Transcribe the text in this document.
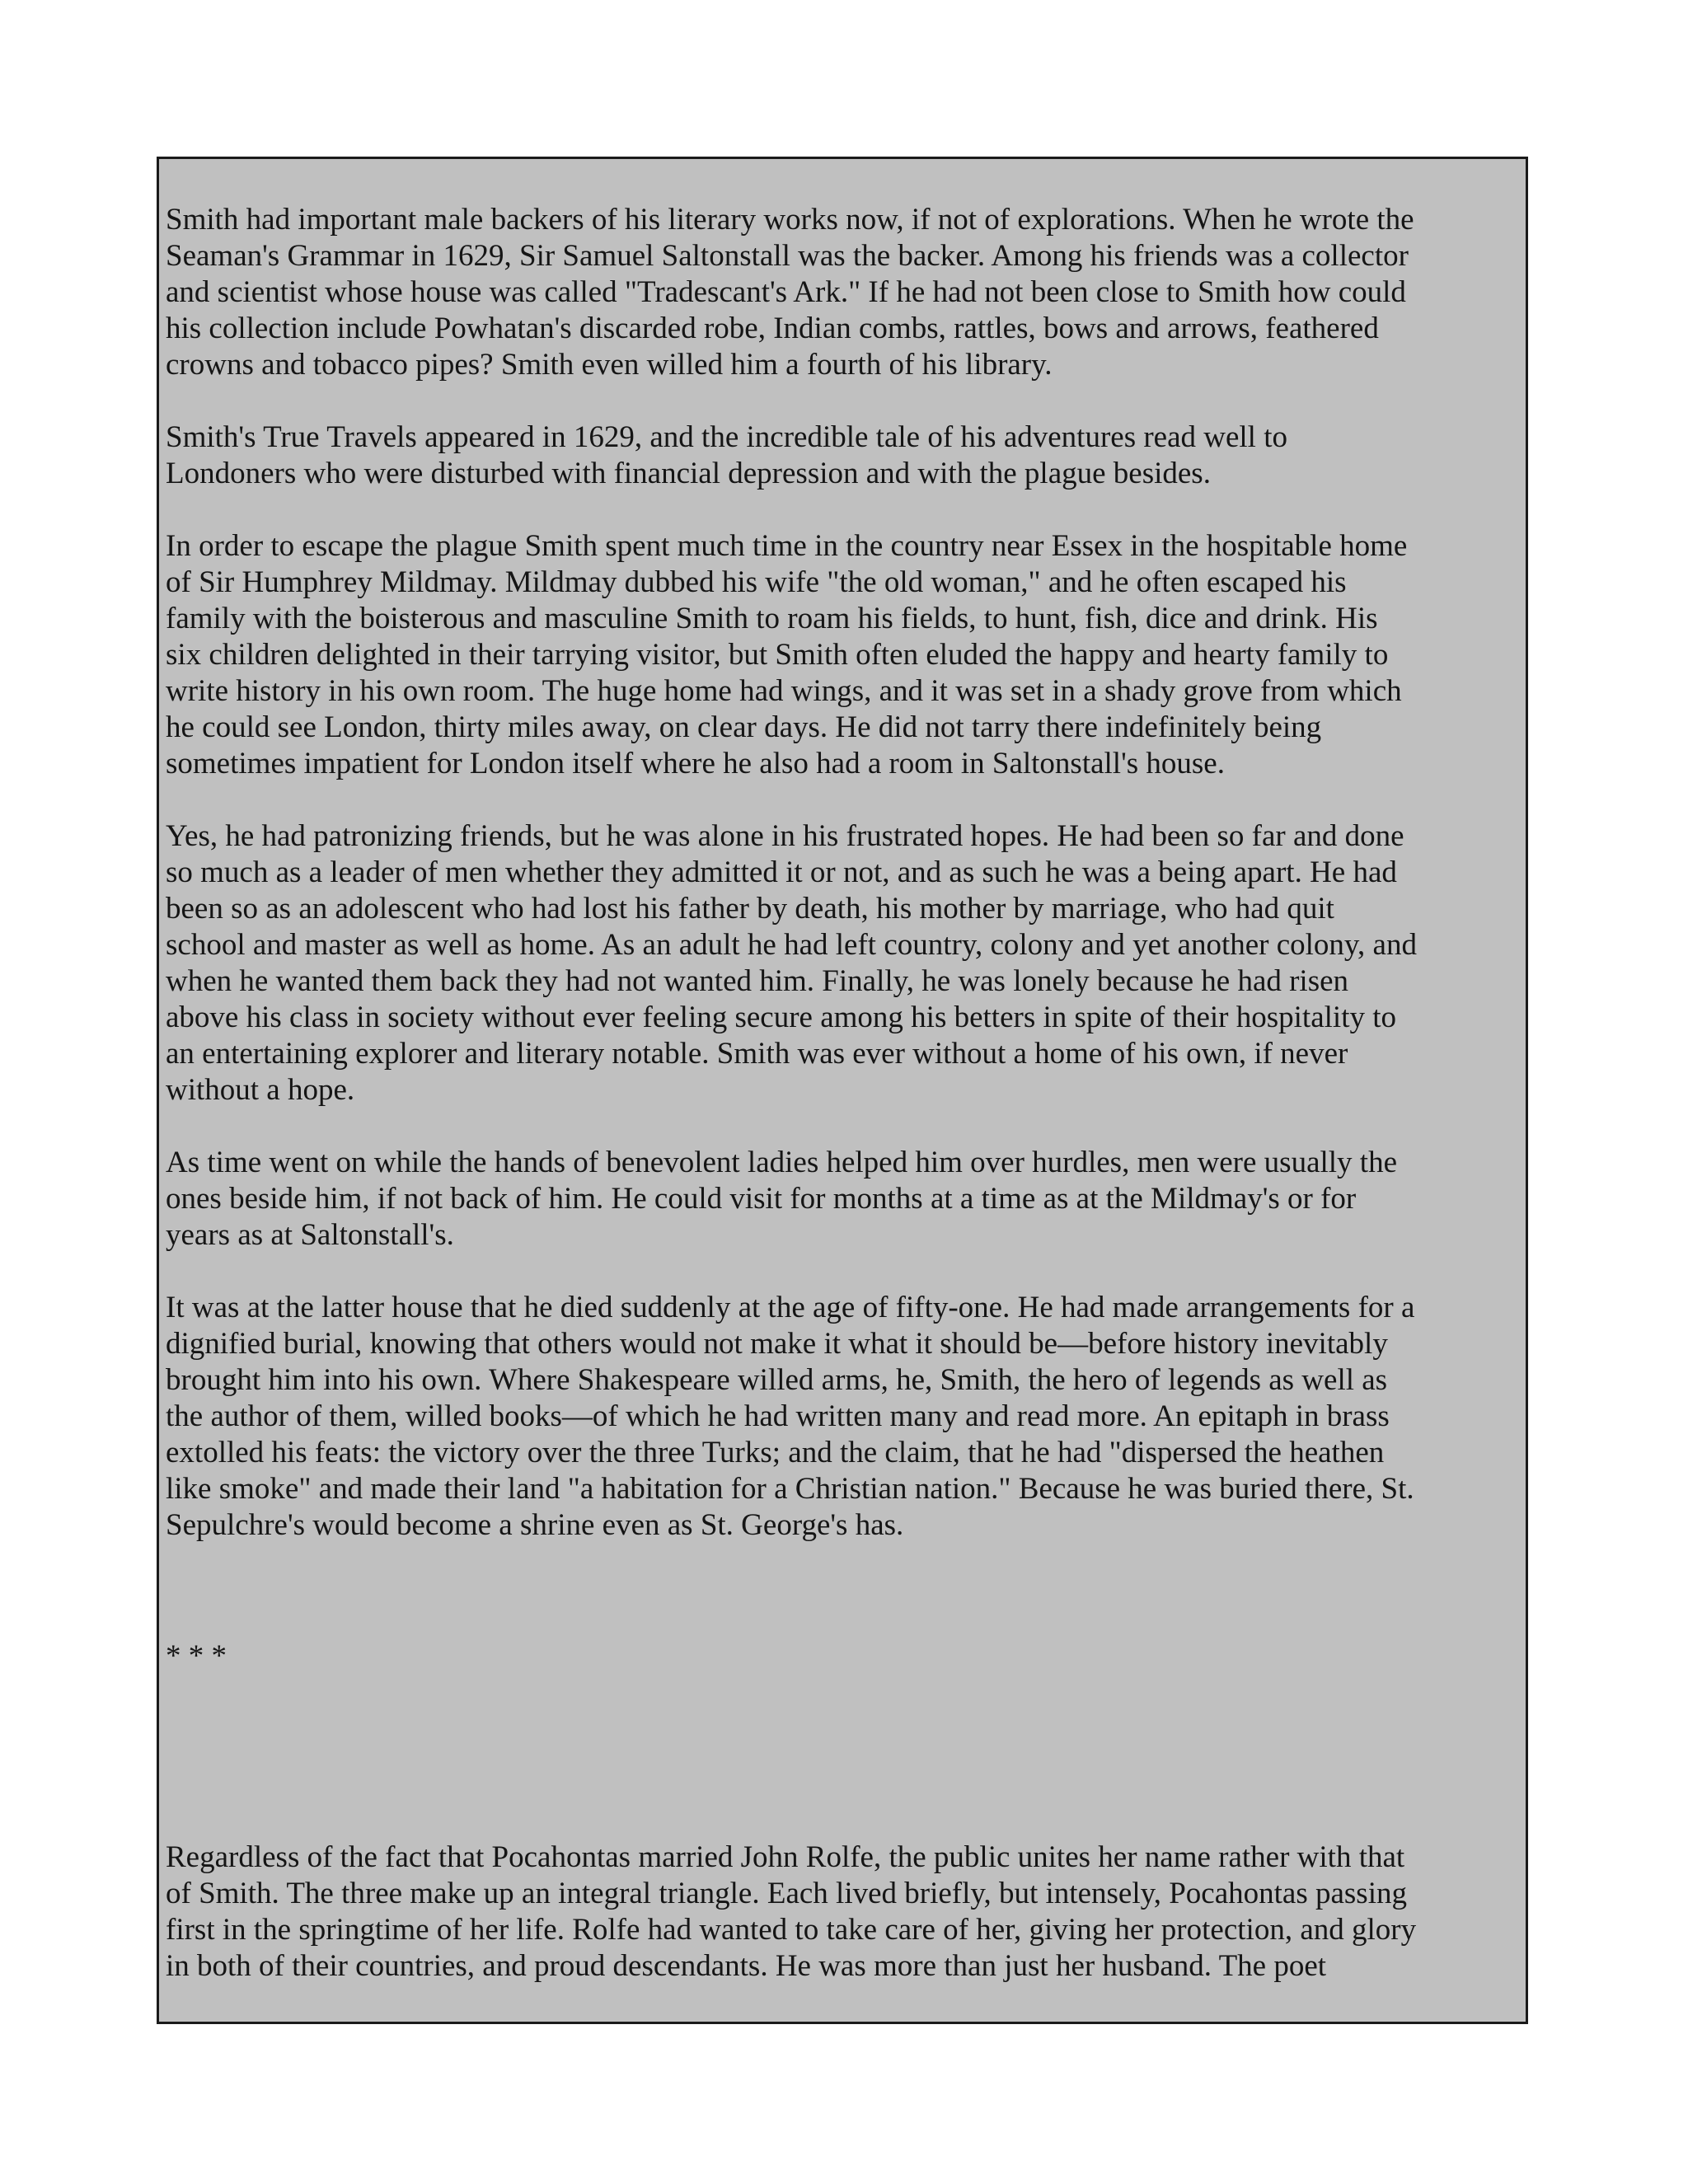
Smith had important male backers of his literary works now, if not of explorations. When he wrote the
Seaman's Grammar in 1629, Sir Samuel Saltonstall was the backer. Among his friends was a collector
and scientist whose house was called "Tradescant's Ark." If he had not been close to Smith how could
his collection include Powhatan's discarded robe, Indian combs, rattles, bows and arrows, feathered
crowns and tobacco pipes? Smith even willed him a fourth of his library.

Smith's True Travels appeared in 1629, and the incredible tale of his adventures read well to
Londoners who were disturbed with financial depression and with the plague besides.

In order to escape the plague Smith spent much time in the country near Essex in the hospitable home
of Sir Humphrey Mildmay. Mildmay dubbed his wife "the old woman," and he often escaped his
family with the boisterous and masculine Smith to roam his fields, to hunt, fish, dice and drink. His
six children delighted in their tarrying visitor, but Smith often eluded the happy and hearty family to
write history in his own room. The huge home had wings, and it was set in a shady grove from which
he could see London, thirty miles away, on clear days. He did not tarry there indefinitely being
sometimes impatient for London itself where he also had a room in Saltonstall's house.

Yes, he had patronizing friends, but he was alone in his frustrated hopes. He had been so far and done
so much as a leader of men whether they admitted it or not, and as such he was a being apart. He had
been so as an adolescent who had lost his father by death, his mother by marriage, who had quit
school and master as well as home. As an adult he had left country, colony and yet another colony, and
when he wanted them back they had not wanted him. Finally, he was lonely because he had risen
above his class in society without ever feeling secure among his betters in spite of their hospitality to
an entertaining explorer and literary notable. Smith was ever without a home of his own, if never
without a hope.

As time went on while the hands of benevolent ladies helped him over hurdles, men were usually the
ones beside him, if not back of him. He could visit for months at a time as at the Mildmay's or for
years as at Saltonstall's.

It was at the latter house that he died suddenly at the age of fifty-one. He had made arrangements for a
dignified burial, knowing that others would not make it what it should be—before history inevitably
brought him into his own. Where Shakespeare willed arms, he, Smith, the hero of legends as well as
the author of them, willed books—of which he had written many and read more. An epitaph in brass
extolled his feats: the victory over the three Turks; and the claim, that he had "dispersed the heathen
like smoke" and made their land "a habitation for a Christian nation." Because he was buried there, St.
Sepulchre's would become a shrine even as St. George's has.

* * *

Regardless of the fact that Pocahontas married John Rolfe, the public unites her name rather with that
of Smith. The three make up an integral triangle. Each lived briefly, but intensely, Pocahontas passing
first in the springtime of her life. Rolfe had wanted to take care of her, giving her protection, and glory
in both of their countries, and proud descendants. He was more than just her husband. The poet
